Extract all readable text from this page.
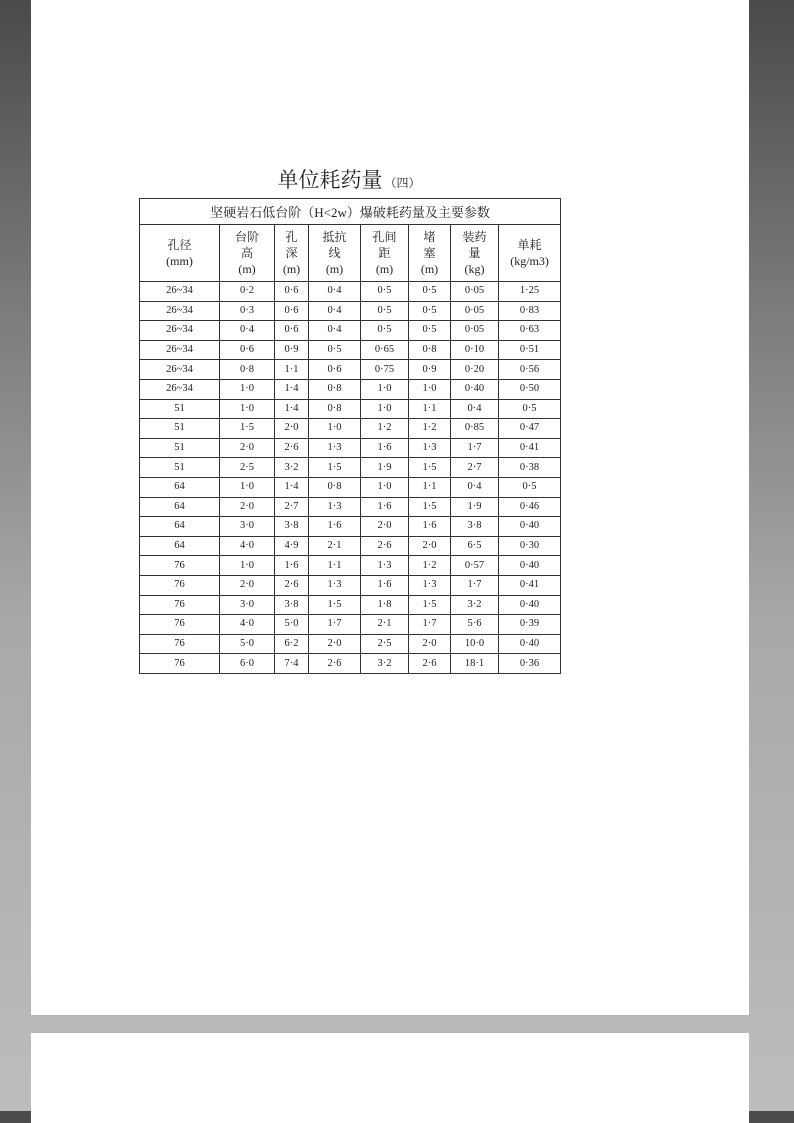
单位耗药量 （四）
坚硬岩石低台阶（H<2w）爆破耗药量及主要参数							

孔径
(mm)	台阶
高
(m)	孔
深
(m)	抵抗
线
(m)	孔间
距
(m)	堵
塞
(m)	装药
量
(kg)	单耗
(kg/m3)

26~34	0·2	0·6	0·4	0·5	0·5	0·05	1·25
26~34	0·3	0·6	0·4	0·5	0·5	0·05	0·83
26~34	0·4	0·6	0·4	0·5	0·5	0·05	0·63
26~34	0·6	0·9	0·5	0·65	0·8	0·10	0·51
26~34	0·8	1·1	0·6	0·75	0·9	0·20	0·56
26~34	1·0	1·4	0·8	1·0	1·0	0·40	0·50
51	1·0	1·4	0·8	1·0	1·1	0·4	0·5
51	1·5	2·0	1·0	1·2	1·2	0·85	0·47
51	2·0	2·6	1·3	1·6	1·3	1·7	0·41
51	2·5	3·2	1·5	1·9	1·5	2·7	0·38
64	1·0	1·4	0·8	1·0	1·1	0·4	0·5
64	2·0	2·7	1·3	1·6	1·5	1·9	0·46
64	3·0	3·8	1·6	2·0	1·6	3·8	0·40
64	4·0	4·9	2·1	2·6	2·0	6·5	0·30
76	1·0	1·6	1·1	1·3	1·2	0·57	0·40
76	2·0	2·6	1·3	1·6	1·3	1·7	0·41
76	3·0	3·8	1·5	1·8	1·5	3·2	0·40
76	4·0	5·0	1·7	2·1	1·7	5·6	0·39
76	5·0	6·2	2·0	2·5	2·0	10·0	0·40
76	6·0	7·4	2·6	3·2	2·6	18·1	0·36
